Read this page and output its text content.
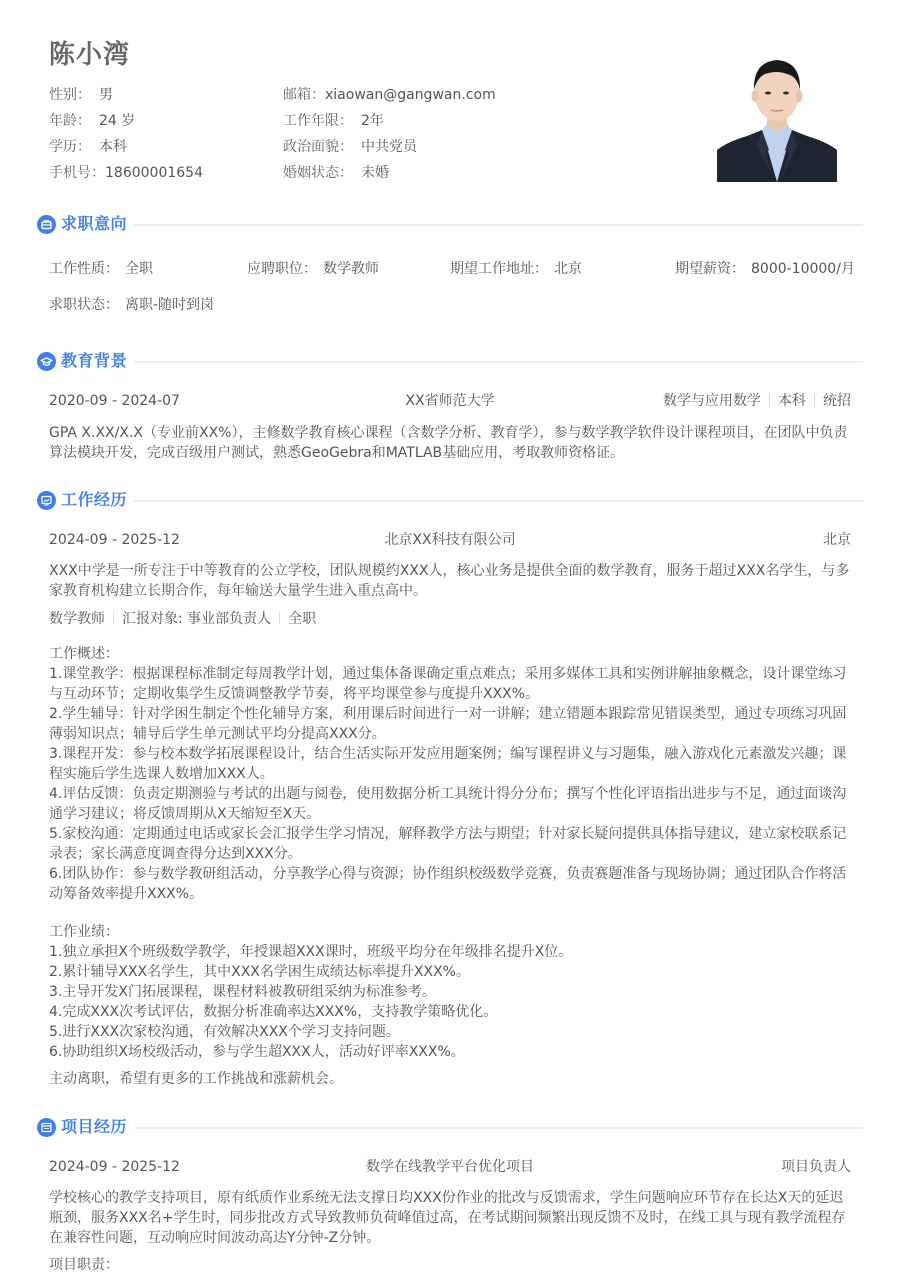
陈小湾
性别： 男
年龄： 24 岁
学历： 本科
手机号：18600001654
邮箱：xiaowan@gangwan.com
工作年限： 2年
政治面貌： 中共党员
婚姻状态： 未婚
求职意向
工作性质： 全职	应聘职位： 数学教师	期望工作地址： 北京	期望薪资： 8000-10000/月
求职状态： 离职-随时到岗
教育背景
2020-09 - 2024-07	XX省师范大学	数学与应用数学 本科 统招
GPA X.XX/X.X（专业前XX%），主修数学教育核心课程（含数学分析、教育学），参与数学教学软件设计课程项目，在团队中负责算法模块开发，完成百级用户测试，熟悉GeoGebra和MATLAB基础应用，考取教师资格证。
工作经历
2024-09 - 2025-12	北京XX科技有限公司	北京
XXX中学是一所专注于中等教育的公立学校，团队规模约XXX人，核心业务是提供全面的数学教育，服务于超过XXX名学生，与多家教育机构建立长期合作，每年输送大量学生进入重点高中。
数学教师 汇报对象: 事业部负责人 全职
工作概述：
1.课堂教学：根据课程标准制定每周教学计划，通过集体备课确定重点难点；采用多媒体工具和实例讲解抽象概念，设计课堂练习与互动环节；定期收集学生反馈调整教学节奏，将平均课堂参与度提升XXX%。
2.学生辅导：针对学困生制定个性化辅导方案，利用课后时间进行一对一讲解；建立错题本跟踪常见错误类型，通过专项练习巩固薄弱知识点；辅导后学生单元测试平均分提高XXX分。
3.课程开发：参与校本数学拓展课程设计，结合生活实际开发应用题案例；编写课程讲义与习题集，融入游戏化元素激发兴趣；课程实施后学生选课人数增加XXX人。
4.评估反馈：负责定期测验与考试的出题与阅卷，使用数据分析工具统计得分分布；撰写个性化评语指出进步与不足，通过面谈沟通学习建议；将反馈周期从X天缩短至X天。
5.家校沟通：定期通过电话或家长会汇报学生学习情况，解释教学方法与期望；针对家长疑问提供具体指导建议，建立家校联系记录表；家长满意度调查得分达到XXX分。
6.团队协作：参与数学教研组活动，分享教学心得与资源；协作组织校级数学竞赛，负责赛题准备与现场协调；通过团队合作将活动筹备效率提升XXX%。
工作业绩：
1.独立承担X个班级数学教学，年授课超XXX课时，班级平均分在年级排名提升X位。
2.累计辅导XXX名学生，其中XXX名学困生成绩达标率提升XXX%。
3.主导开发X门拓展课程，课程材料被教研组采纳为标准参考。
4.完成XXX次考试评估，数据分析准确率达XXX%，支持教学策略优化。
5.进行XXX次家校沟通，有效解决XXX个学习支持问题。
6.协助组织X场校级活动，参与学生超XXX人，活动好评率XXX%。
主动离职，希望有更多的工作挑战和涨薪机会。
项目经历
2024-09 - 2025-12	数学在线教学平台优化项目	项目负责人
学校核心的教学支持项目，原有纸质作业系统无法支撑日均XXX份作业的批改与反馈需求，学生问题响应环节存在长达X天的延迟瓶颈，服务XXX名+学生时，同步批改方式导致教师负荷峰值过高，在考试期间频繁出现反馈不及时，在线工具与现有教学流程存在兼容性问题，互动响应时间波动高达Y分钟-Z分钟。
项目职责：
